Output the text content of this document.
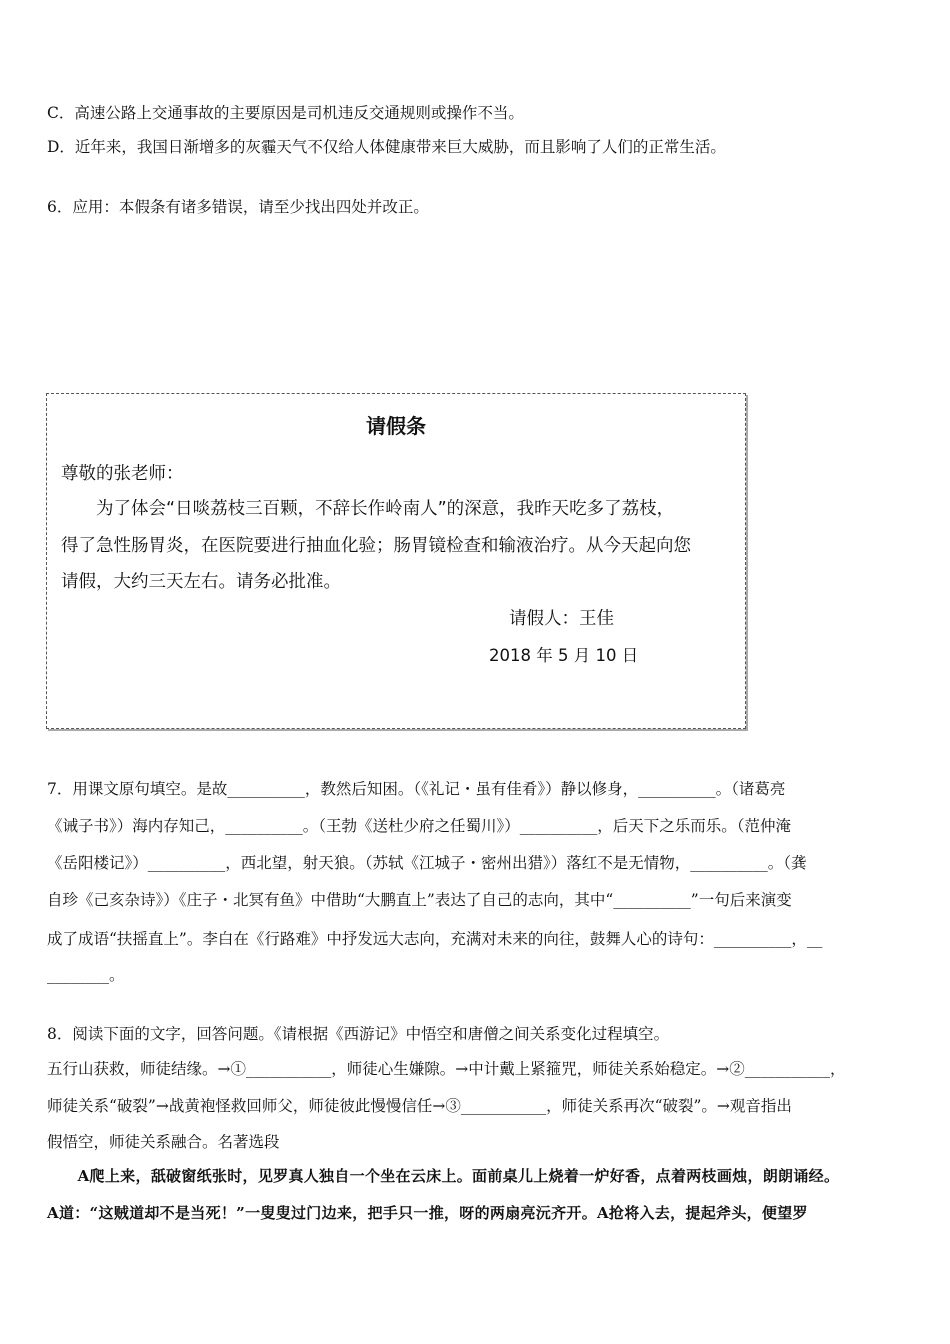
C．高速公路上交通事故的主要原因是司机违反交通规则或操作不当。
D．近年来，我国日渐增多的灰霾天气不仅给人体健康带来巨大威胁，而且影响了人们的正常生活。
6．应用：本假条有诸多错误，请至少找出四处并改正。
请假条
尊敬的张老师：
　　为了体会“日啖荔枝三百颗，不辞长作岭南人”的深意，我昨天吃多了荔枝，
得了急性肠胃炎，在医院要进行抽血化验；肠胃镜检查和输液治疗。从今天起向您
请假，大约三天左右。请务必批准。
请假人：王佳
2018 年 5 月 10 日
7．用课文原句填空。是故__________，教然后知困。（《礼记・虽有佳肴》）静以修身，__________。（诸葛亮
《诫子书》）海内存知己，__________。（王勃《送杜少府之任蜀川》）__________，后天下之乐而乐。（范仲淹
《岳阳楼记》）__________，西北望，射天狼。（苏轼《江城子・密州出猎》）落红不是无情物，__________。（龚
自珍《己亥杂诗》）《庄子・北冥有鱼》中借助“大鹏直上”表达了自己的志向，其中“__________”一句后来演变
成了成语“扶摇直上”。李白在《行路难》中抒发远大志向，充满对未来的向往，鼓舞人心的诗句：__________，__
________。
8．阅读下面的文字，回答问题。《请根据《西游记》中悟空和唐僧之间关系变化过程填空。
五行山获救，师徒结缘。→①___________，师徒心生嫌隙。→中计戴上紧箍咒，师徒关系始稳定。→②___________，
师徒关系“破裂”→战黄袍怪救回师父，师徒彼此慢慢信任→③___________，师徒关系再次“破裂”。→观音指出
假悟空，师徒关系融合。名著选段
　　A爬上来，舐破窗纸张时，见罗真人独自一个坐在云床上。面前桌儿上烧着一炉好香，点着两枝画烛，朗朗诵经。
A道：“这贼道却不是当死！”一叟叟过门边来，把手只一推，呀的两扇亮沅齐开。A抢将入去，提起斧头，便望罗
